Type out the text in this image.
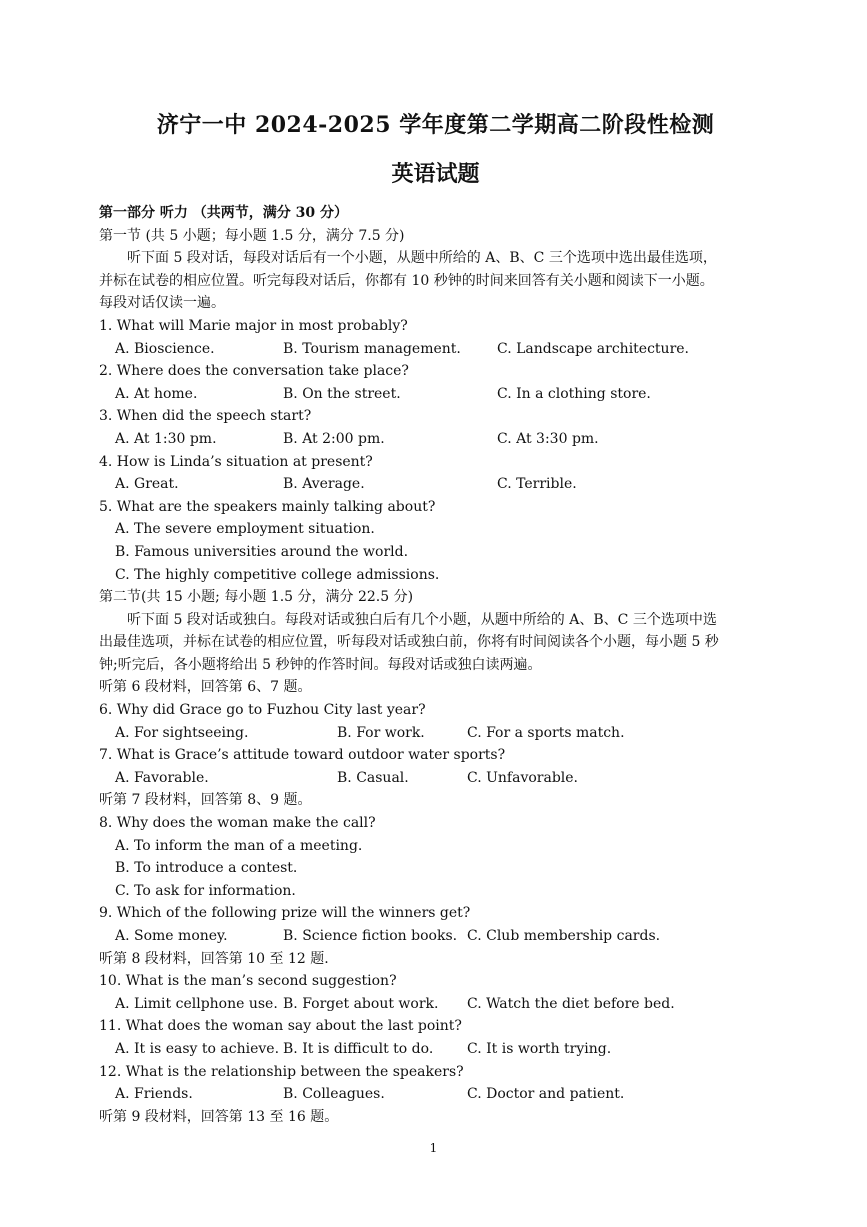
济宁一中 2024-2025 学年度第二学期高二阶段性检测
英语试题
第一部分 听力 （共两节，满分 30 分）
第一节 (共 5 小题；每小题 1.5 分，满分 7.5 分)
听下面 5 段对话，每段对话后有一个小题，从题中所给的 A、B、C 三个选项中选出最佳选项，
并标在试卷的相应位置。听完每段对话后，你都有 10 秒钟的时间来回答有关小题和阅读下一小题。
每段对话仅读一遍。
1. What will Marie major in most probably?
A. Bioscience.	B. Tourism management.	C. Landscape architecture.
2. Where does the conversation take place?
A. At home.	B. On the street.	C. In a clothing store.
3. When did the speech start?
A. At 1:30 pm.	B. At 2:00 pm.	C. At 3:30 pm.
4. How is Linda’s situation at present?
A. Great.	B. Average.	C. Terrible.
5. What are the speakers mainly talking about?
A. The severe employment situation.
B. Famous universities around the world.
C. The highly competitive college admissions.
第二节(共 15 小题; 每小题 1.5 分，满分 22.5 分)
听下面 5 段对话或独白。每段对话或独白后有几个小题，从题中所给的 A、B、C 三个选项中选
出最佳选项，并标在试卷的相应位置，听每段对话或独白前，你将有时间阅读各个小题，每小题 5 秒
钟;听完后，各小题将给出 5 秒钟的作答时间。每段对话或独白读两遍。
听第 6 段材料，回答第 6、7 题。
6. Why did Grace go to Fuzhou City last year?
A. For sightseeing.	B. For work.	C. For a sports match.
7. What is Grace’s attitude toward outdoor water sports?
A. Favorable.	B. Casual.	C. Unfavorable.
听第 7 段材料，回答第 8、9 题。
8. Why does the woman make the call?
A. To inform the man of a meeting.
B. To introduce a contest.
C. To ask for information.
9. Which of the following prize will the winners get?
A. Some money.	B. Science fiction books. C. Club membership cards.
听第 8 段材料，回答第 10 至 12 题.
10. What is the man’s second suggestion?
A. Limit cellphone use. B. Forget about work. C. Watch the diet before bed.
11. What does the woman say about the last point?
A. It is easy to achieve. B. It is difficult to do. C. It is worth trying.
12. What is the relationship between the speakers?
A. Friends.	B. Colleagues.	C. Doctor and patient.
听第 9 段材料，回答第 13 至 16 题。
1
